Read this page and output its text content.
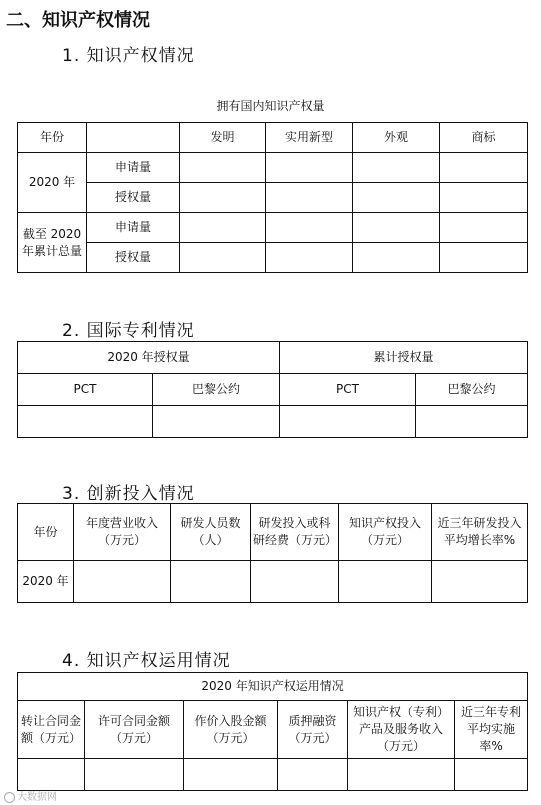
二、知识产权情况
1. 知识产权情况
拥有国内知识产权量
年份		发明	实用新型	外观	商标
2020 年	申请量				
	授权量				
截至 2020 年累计总量	申请量				
	授权量				
2. 国际专利情况
2020 年授权量		累计授权量	
PCT	巴黎公约	PCT	巴黎公约

3. 创新投入情况
年份	年度营业收入（万元）	研发人员数（人）	研发投入或科研经费（万元）	知识产权投入（万元）	近三年研发投入平均增长率%
2020 年					
4. 知识产权运用情况
2020 年知识产权运用情况					
转让合同金　额（万元）	许可合同金额（万元）	作价入股金额（万元）	质押融资（万元）	知识产权（专利）产品及服务收入（万元）	近三年专利平均实施率%

大数据网
